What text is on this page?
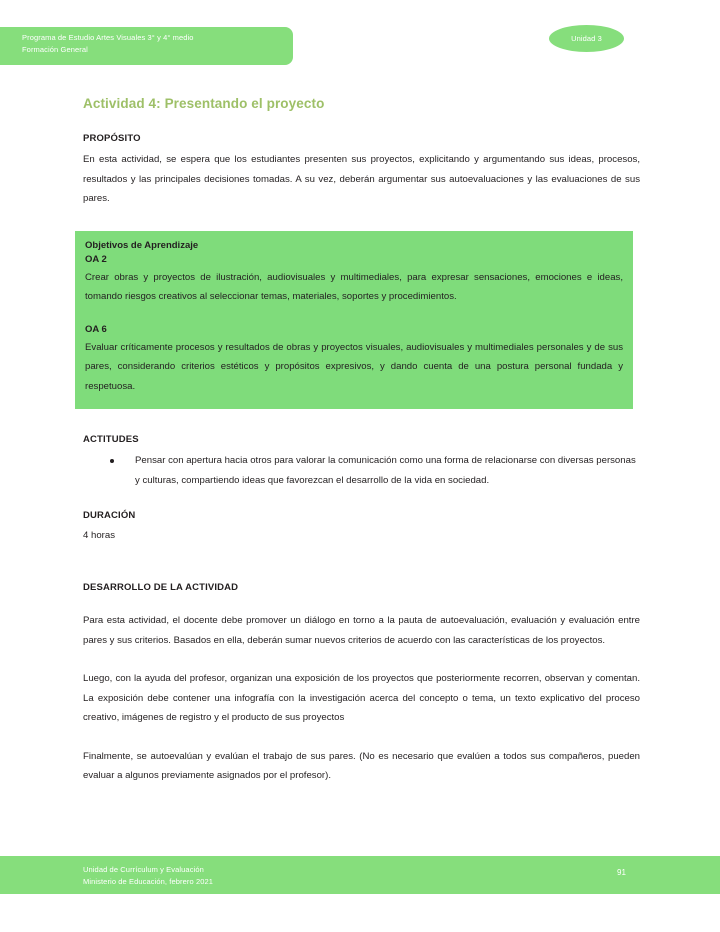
Programa de Estudio Artes Visuales 3° y 4° medio
Formación General
Unidad 3
Actividad 4: Presentando el proyecto
PROPÓSITO

En esta actividad, se espera que los estudiantes presenten sus proyectos, explicitando y argumentando sus ideas, procesos, resultados y las principales decisiones tomadas. A su vez, deberán argumentar sus autoevaluaciones y las evaluaciones de sus pares.

Objetivos de Aprendizaje
OA 2

Crear obras y proyectos de ilustración, audiovisuales y multimediales, para expresar sensaciones, emociones e ideas, tomando riesgos creativos al seleccionar temas, materiales, soportes y procedimientos.

OA 6

Evaluar críticamente procesos y resultados de obras y proyectos visuales, audiovisuales y multimediales personales y de sus pares, considerando criterios estéticos y propósitos expresivos, y dando cuenta de una postura personal fundada y respetuosa.

ACTITUDES
Pensar con apertura hacia otros para valorar la comunicación como una forma de relacionarse con diversas personas y culturas, compartiendo ideas que favorezcan el desarrollo de la vida en sociedad.
DURACIÓN

4 horas

DESARROLLO DE LA ACTIVIDAD

Para esta actividad, el docente debe promover un diálogo en torno a la pauta de autoevaluación, evaluación y evaluación entre pares y sus criterios. Basados en ella, deberán sumar nuevos criterios de acuerdo con las características de los proyectos.

Luego, con la ayuda del profesor, organizan una exposición de los proyectos que posteriormente recorren, observan y comentan. La exposición debe contener una infografía con la investigación acerca del concepto o tema, un texto explicativo del proceso creativo, imágenes de registro y el producto de sus proyectos

Finalmente, se autoevalúan y evalúan el trabajo de sus pares. (No es necesario que evalúen a todos sus compañeros, pueden evaluar a algunos previamente asignados por el profesor).

Unidad de Currículum y Evaluación
Ministerio de Educación, febrero 2021
91
